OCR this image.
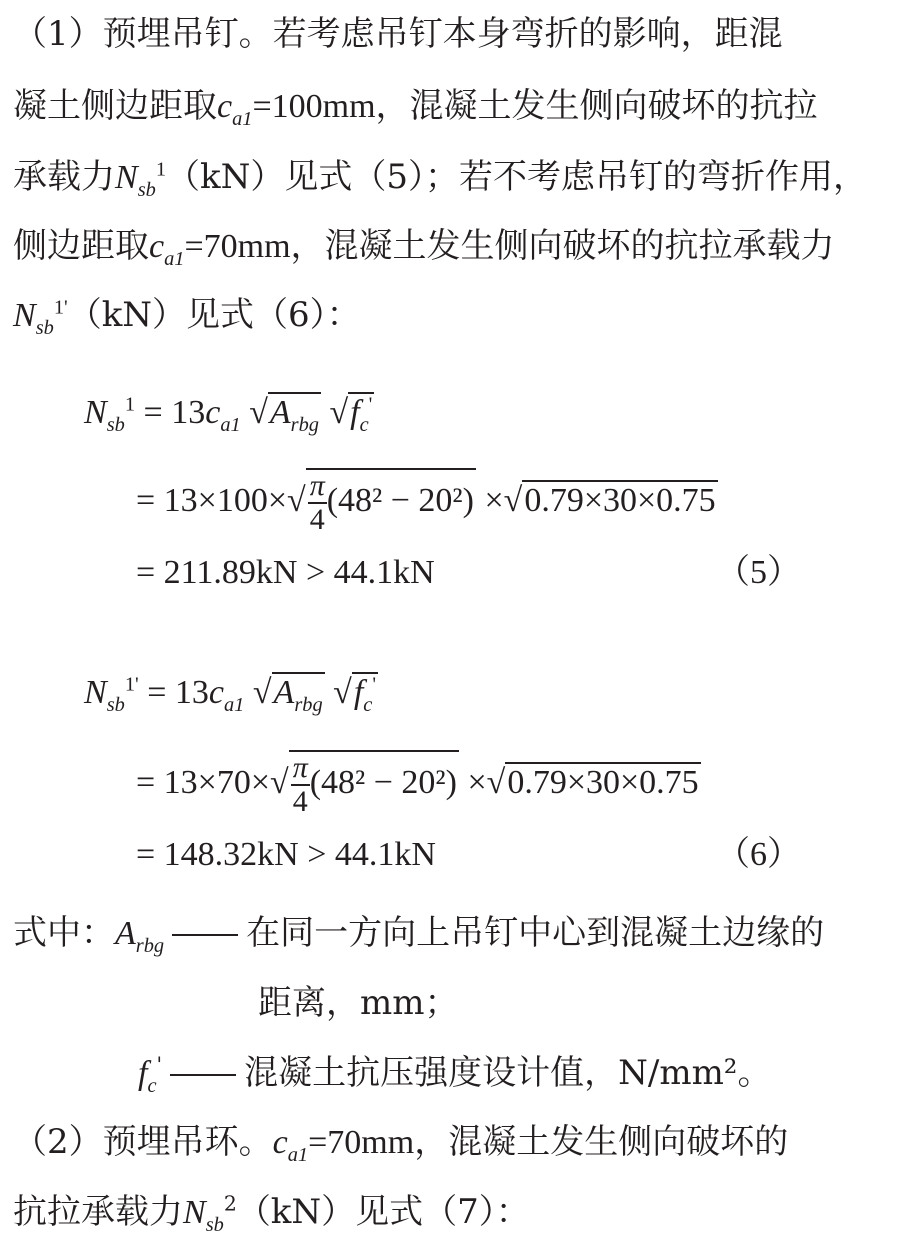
（1）预埋吊钉。若考虑吊钉本身弯折的影响，距混
凝土侧边距取$c_{a1}=100mm$，混凝土发生侧向破坏的抗拉
承载力$N_{sb}^1(kN)$见式（5）；若不考虑吊钉的弯折作用，
侧边距取$c_{a1}=70mm$，混凝土发生侧向破坏的抗拉承载力
$N_{sb}^{1'}(kN)$见式（6）：
$N_{sb}^1 = 13c_{a1}$ $√A_{rbg}$ $√f_c'$
= $13\times 100\times√ \frac{\pi}{4} (48^2 - 20^2) \times√0.79\times 30\times 0.75$
= 211.89kN > 44.1kN	（5）
$N_{sb}^{1'} = 13c_{a1}$ $√A_{rbg}$ $√f_c'$
= $13\times 70\times√ \frac{\pi}{4} (48^2 - 20^2) \times√0.79\times 30\times 0.75$
= 148.32kN > 44.1kN	（6）
式中：$A_{rbg}$ 在同一方向上吊钉中心到混凝土边缘的
距离，mm；
$f_c'$ 混凝土抗压强度设计值，N/mm²。
（2）预埋吊环。$c_{a1}=70mm$，混凝土发生侧向破坏的
抗拉承载力$N_{sb}^2(kN)$见式（7）：
